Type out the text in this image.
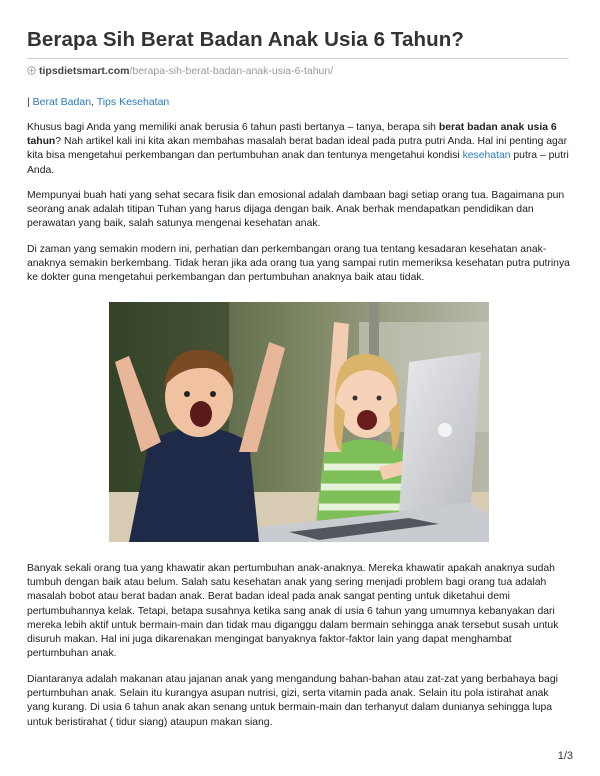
Berapa Sih Berat Badan Anak Usia 6 Tahun?
tipsdietsmart.com/berapa-sih-berat-badan-anak-usia-6-tahun/
| Berat Badan, Tips Kesehatan

Khusus bagi Anda yang memiliki anak berusia 6 tahun pasti bertanya – tanya, berapa sih berat badan anak usia 6 tahun? Nah artikel kali ini kita akan membahas masalah berat badan ideal pada putra putri Anda. Hal ini penting agar kita bisa mengetahui perkembangan dan pertumbuhan anak dan tentunya mengetahui kondisi kesehatan putra – putri Anda.

Mempunyai buah hati yang sehat secara fisik dan emosional adalah dambaan bagi setiap orang tua. Bagaimana pun seorang anak adalah titipan Tuhan yang harus dijaga dengan baik. Anak berhak mendapatkan pendidikan dan perawatan yang baik, salah satunya mengenai kesehatan anak.

Di zaman yang semakin modern ini, perhatian dan perkembangan orang tua tentang kesadaran kesehatan anak-anaknya semakin berkembang. Tidak heran jika ada orang tua yang sampai rutin memeriksa kesehatan putra putrinya ke dokter guna mengetahui perkembangan dan pertumbuhan anaknya baik atau tidak.

Banyak sekali orang tua yang khawatir akan pertumbuhan anak-anaknya. Mereka khawatir apakah anaknya sudah tumbuh dengan baik atau belum. Salah satu kesehatan anak yang sering menjadi problem bagi orang tua adalah masalah bobot atau berat badan anak. Berat badan ideal pada anak sangat penting untuk diketahui demi pertumbuhannya kelak. Tetapi, betapa susahnya ketika sang anak di usia 6 tahun yang umumnya kebanyakan dari mereka lebih aktif untuk bermain-main dan tidak mau diganggu dalam bermain sehingga anak tersebut susah untuk disuruh makan. Hal ini juga dikarenakan mengingat banyaknya faktor-faktor lain yang dapat menghambat pertumbuhan anak.

Diantaranya adalah makanan atau jajanan anak yang mengandung bahan-bahan atau zat-zat yang berbahaya bagi pertumbuhan anak. Selain itu kurangya asupan nutrisi, gizi, serta vitamin pada anak. Selain itu pola istirahat anak yang kurang. Di usia 6 tahun anak akan senang untuk bermain-main dan terhanyut dalam dunianya sehingga lupa untuk beristirahat ( tidur siang) ataupun makan siang.

1/3
